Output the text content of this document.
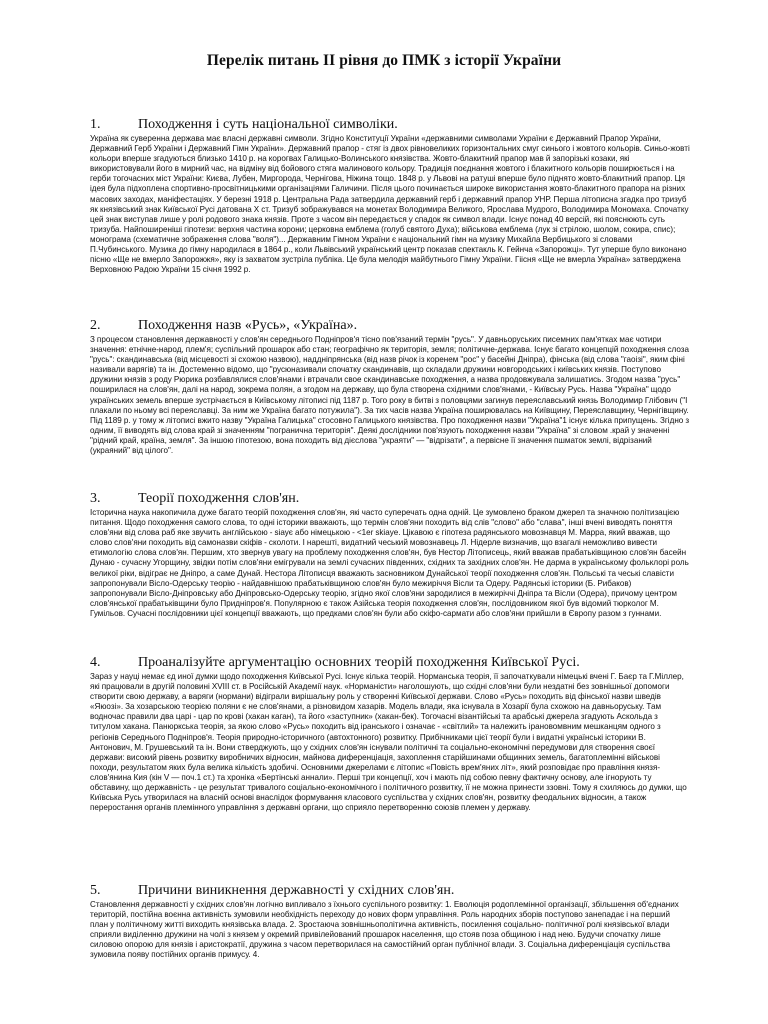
Перелік питань ІІ рівня до ПМК з історії України
1.	Походження і суть національної символіки.
Україна як суверенна держава має власні державні символи. Згідно Конституції України «державними символами України є Державний Прапор України, Державний Герб України і Державний Гімн України». Державний прапор - стяг із двох рівновеликих горизонтальних смуг синього і жовтого кольорів. Синьо-жовті кольори вперше згадуються близько 1410 р. на корогвах Галицько-Волинського князівства. Жовто-блакитний прапор мав й запорізькі козаки, які використовували його в мирний час, на відміну від бойового стяга малинового кольору. Традиція поєднання жовтого і блакитного кольорів поширюється і на герби тогочасних міст України: Києва, Лубен, Миргорода, Чернігова, Ніжина тощо. 1848 р. у Львові на ратуші вперше було піднято жовто-блакитний прапор. Ця ідея була підхоплена спортивно-просвітницькими організаціями Галичини. Після цього починається широке використання жовто-блакитного прапора на різних масових заходах, маніфестаціях. У березні 1918 р. Центральна Рада затвердила державний герб і державний прапор УНР. Перша літописна згадка про тризуб як князівський знак Київської Русі датована X ст. Тризуб зображувався на монетах Володимира Великого, Ярослава Мудрого, Володимира Мономаха. Спочатку цей знак виступав лише у ролі родового знака князів. Проте з часом він передається у спадок як символ влади. Існує понад 40 версій, які пояснюють суть тризуба. Найпоширеніші гіпотези: верхня частина корони; церковна емблема (голуб святого Духа); військова емблема (лук зі стрілою, шолом, сокира, спис); монограма (схематичне зображення слова "воля")... Державним Гімном України є національний гімн на музику Михайла Вербицького зі словами П.Чубинського. Музика до гімну народилася в 1864 р., коли Львівський український центр показав спектакль К. Гейнча «Запорожці». Тут уперше було виконано пісню «Ще не вмерло Запорожжя», яку із захватом зустріла публіка. Це була мелодія майбутнього Гімну України. Гіісня «Ще не вмерла Україна» затверджена Верховною Радою України 15 січня 1992 р.
2.	Походження назв «Русь», «Україна».
З процесом становлення державності у слов'ян середнього Подніпров'я тісно пов'язаний термін "русь". У давньоруських писемних пам'ятках має чотири значення: етнічне-народ, плем'я; суспільний прошарок або стан; географічно як територія, земля; політичне-держава. Існує багато концепцій походження слоза "русь": скандинавська (від місцевості зі схожою назвою), наддніпрянська (від назв річок із коренем "рос" у басейні Дніпра), фінська (від слова "гаоізі", яким фіні називали варягів) та ін. Достеменно відомо, що "русюназивали спочатку скандинавів, що складали дружини новгородських і київських князів. Поступово дружини князів з роду Рюрика розбавлялися слов'янами і втрачали свое скандинавське походження, а назва продовжувала залишатись. Згодом назва "русь" поширилася на слов'ян, далі на народ, зокрема полян, а згодом на державу, що була створена східними слов'янами, - Київську Русь. Назва "Україна" щодо українських земель вперше зустрічається в Київському літописі під 1187 р. Того року в битві з половцями загинув переяславський князь Володимир Глібович ("І плакали по ньому всі переяславці. За ним же Україна багато потужила"). За тих часів назва Україна поширювалась на Київщину, Переяславщину, Чернігівщину. Під 1189 р. у тому ж літописі вжито назву "Україна Галицька" стосовно Галицького князівства. Про походження назви "Україна"1 існує кілька припущень. Згідно з одним, її виводять від слова край зі значенням "погранична територія". Деякі дослідники пов'язують походження назви "Україна" зі словом .край у значенні "рідний край, країна, земля". За іншою гіпотезою, вона походить від дієслова "украяти" — "відрізати", а первісне її значення пшматок землі, відрізаний (украяний" від цілого".
3.	Теорії походження слов'ян.
Історична наука накопичила дуже багато теорій походження слов'ян, які часто суперечать одна одній. Це зумовлено браком джерел та значною політизацією питання. Щодо походження самого слова, то одні історики вважають, що термін слов'яни походить від слів "слово" або "слава", інші вчені виводять поняття слов'яни від слова раб яке звучить англійською - sіаує або німецькою - <1er skіaye. Цікавою є гіпотеза радянського мовознавця М. Марра, який вважав, що слово слов'яни походить від самоназви скіфів - сколоти. І нарешті, видатний чеський мовознавець Л. Нідерле визначив, що взагалі неможливо вивести етимологію слова слов'ян. Першим, хто звернув увагу на проблему походження слов'ян, був Нестор Літописець, який вважав прабатьківщиною слов'ян басейн Дунаю - сучасну Угорщину, звідки потім слов'яни емігрували на землі сучасних південних, східних та західних слов'ян. Не дарма в українському фольклорі роль великої ріки, відіграє не Дніпро, а саме Дунай. Нестора Літописця вважають засновником Дунайської теорії походження слов'ян. Польські та чеські славісти запропонували Вісло-Одерську теорію - найдавнішою прабатьківщиною слов'ян було межиріччя Вісли та Одеру. Радянські історики (Б. Рибаков) запропонували Вісло-Дніпровську або Дніпровсько-Одерську теорію, згідно якої слов'яни зародилися в межиріччі Дніпра та Вісли (Одера), причому центром слов'янської прабатьківщини було Придніпров'я. Популярною є також Азійська теорія походження слов'ян, послідовником якої був відомий тюрколог М. Гумільов. Сучасні послідовники цієї концепції вважають, що предками слов'ян були або скіфо-сармати або слов'яни прийшли в Європу разом з гуннами.
4.	Проаналізуйте аргументацію основних теорій походження Київської Русі.
Зараз у науці немає єд иної думки щодо походження Київської Русі. Існує кілька теорій. Норманська теорія, її започаткували німецькі вчені Г. Баєр та Г.Міллер, які працювали в другій половині XVIII ст. в Російській Академії наук. «Норманісти» наголошують, що східні слов'яни були нездатні без зовнішньої допомоги створити свою державу, а варяги (нормани) відіграли вирішальну роль у створенні Київської держави. Слово «Русь» походить від фінської назви шведів «Яюозі». За хозарською теорією поляни є не слов'янами, а різновидом хазарів. Модель влади, яка існувала в Хозарії була схожою на давньоруську. Там водночас правили два царі - цар по крові (хакан каган), та його «заступник» (хакан-бек). Тогочасні візантійські та арабські джерела згадують Аскольда з титулом хакана. Панюркська теорія, за якою слово «Русь» походить від іранського і означає - «світлий» та належить ірановомвним мешканцям одного з регіонів Середнього Подніпров'я. Теорія природно-історичного (автохтонного) розвитку. Прибічниками цієї теорії були і видатні українські історики В. Антонович, М. Грушевський та ін. Вони стверджують, що у східних слов'ян існували політичні та соціально-економічні передумови для створення своєї держави: високий рівень розвитку виробничих відносин, майнова диференціація, захоплення старійшинами общинних земель, багатоплемінні військові походи, результатом яких була велика кількість здобичі. Основними джерелами є літопис «Повість врем'яних літ», який розповідає про правління князя-слов'янина Кия (кін V — поч.1 ст.) та хроніка «Бертінські аннали». Перші три концепції, хоч і мають під собою певну фактичну основу, але ігнорують ту обставину, що державність - це результат тривалого соціально-економічного і політичного розвитку, її не можна принести ззовні. Тому я схиляюсь до думки, що Київська Русь утворилася на власній основі внаслідок формування класового суспільства у східних слов'ян, розвитку феодальних відносин, а також переростання органів племінного управління з державні органи, що сприяло перетворенню союзів племен у державу.
5.	Причини виникнення державності у східних слов'ян.
Становлення державності у східних слов'ян логічно випливало з їхнього суспільного розвитку: 1. Еволюція родоплемінної організації, збільшення об'єднаних територій, постійна воєнна активність зумовили необхідність переходу до нових форм управління. Роль народних зборів поступово занепадає і на перший план у політичному житті виходить князівська влада. 2. Зростаюча зовнішньополітична активність, посилення соціально- політичної ролі князівської влади сприяли виділенню дружини на чолі з князем у окремий привілейований прошарок населення, що стояв поза общиною і над нею. Будучи спочатку лише силовою опорою для князів і аристократії, дружина з часом перетворилася на самостійний орган публічної влади. 3. Соціальна диференціація суспільства зумовила появу постійних органів примусу. 4.
